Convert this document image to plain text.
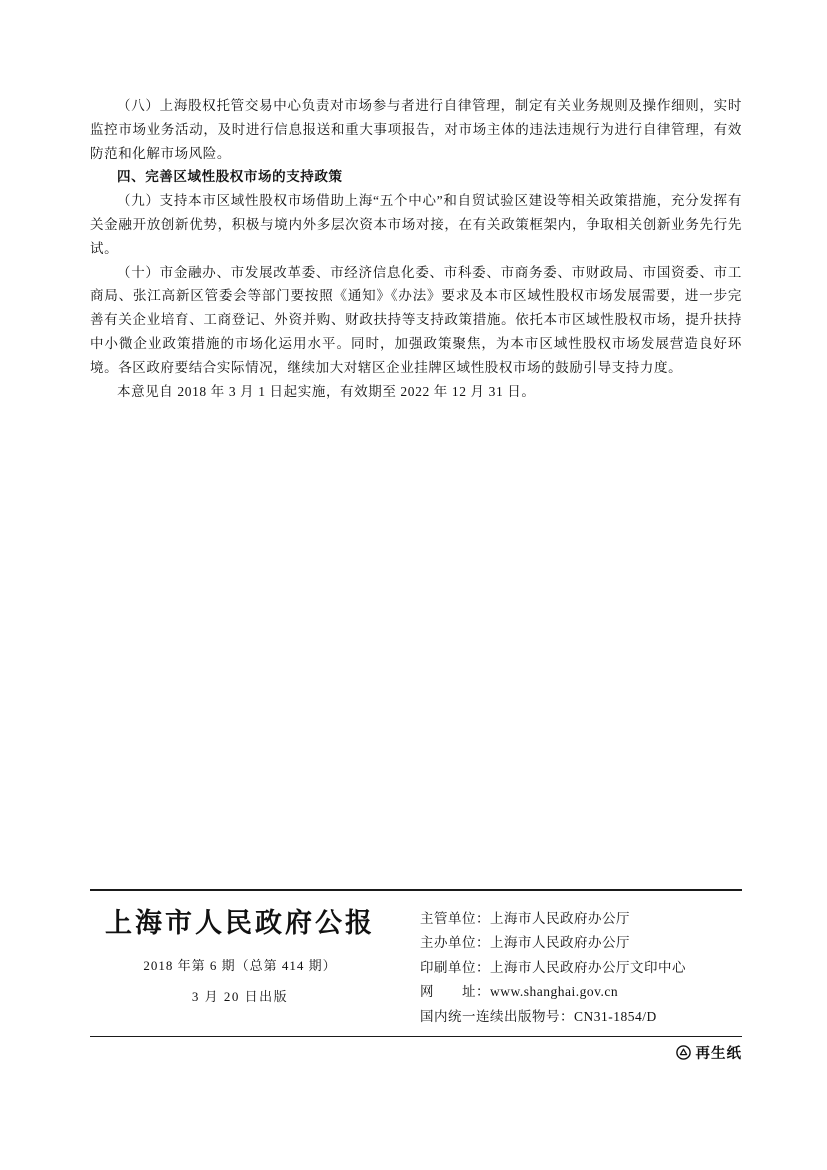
（八）上海股权托管交易中心负责对市场参与者进行自律管理，制定有关业务规则及操作细则，实时监控市场业务活动，及时进行信息报送和重大事项报告，对市场主体的违法违规行为进行自律管理，有效防范和化解市场风险。

四、完善区域性股权市场的支持政策

（九）支持本市区域性股权市场借助上海“五个中心”和自贸试验区建设等相关政策措施，充分发挥有关金融开放创新优势，积极与境内外多层次资本市场对接，在有关政策框架内，争取相关创新业务先行先试。

（十）市金融办、市发展改革委、市经济信息化委、市科委、市商务委、市财政局、市国资委、市工商局、张江高新区管委会等部门要按照《通知》《办法》要求及本市区域性股权市场发展需要，进一步完善有关企业培育、工商登记、外资并购、财政扶持等支持政策措施。依托本市区域性股权市场，提升扶持中小微企业政策措施的市场化运用水平。同时，加强政策聚焦，为本市区域性股权市场发展营造良好环境。各区政府要结合实际情况，继续加大对辖区企业挂牌区域性股权市场的鼓励引导支持力度。

本意见自 2018 年 3 月 1 日起实施，有效期至 2022 年 12 月 31 日。

上海市人民政府公报
2018 年第 6 期（总第 414 期）
3 月 20 日出版
主管单位：上海市人民政府办公厅
主办单位：上海市人民政府办公厅
印刷单位：上海市人民政府办公厅文印中心
网　　址：www.shanghai.gov.cn
国内统一连续出版物号：CN31-1854/D
再生纸
